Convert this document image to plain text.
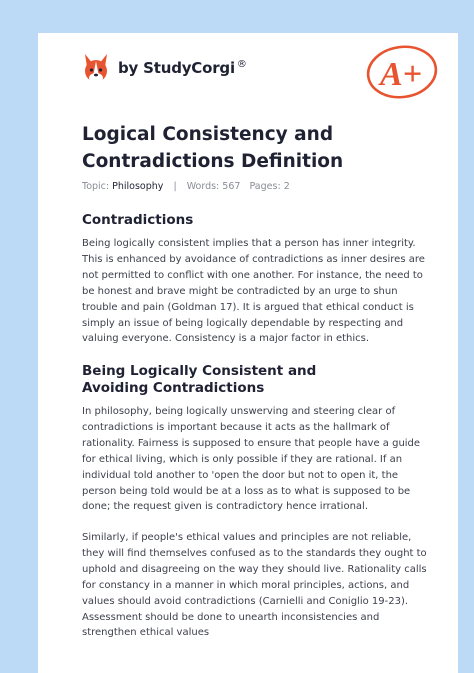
by StudyCorgi ®	A+
Logical Consistency and Contradictions Definition
Topic: Philosophy | Words: 567 Pages: 2
Contradictions

Being logically consistent implies that a person has inner integrity. This is enhanced by avoidance of contradictions as inner desires are not permitted to conflict with one another. For instance, the need to be honest and brave might be contradicted by an urge to shun trouble and pain (Goldman 17). It is argued that ethical conduct is simply an issue of being logically dependable by respecting and valuing everyone. Consistency is a major factor in ethics.

Being Logically Consistent and Avoiding Contradictions

In philosophy, being logically unswerving and steering clear of contradictions is important because it acts as the hallmark of rationality. Fairness is supposed to ensure that people have a guide for ethical living, which is only possible if they are rational. If an individual told another to 'open the door but not to open it, the person being told would be at a loss as to what is supposed to be done; the request given is contradictory hence irrational.

Similarly, if people's ethical values and principles are not reliable, they will find themselves confused as to the standards they ought to uphold and disagreeing on the way they should live. Rationality calls for constancy in a manner in which moral principles, actions, and values should avoid contradictions (Carnielli and Coniglio 19-23). Assessment should be done to unearth inconsistencies and strengthen ethical values
